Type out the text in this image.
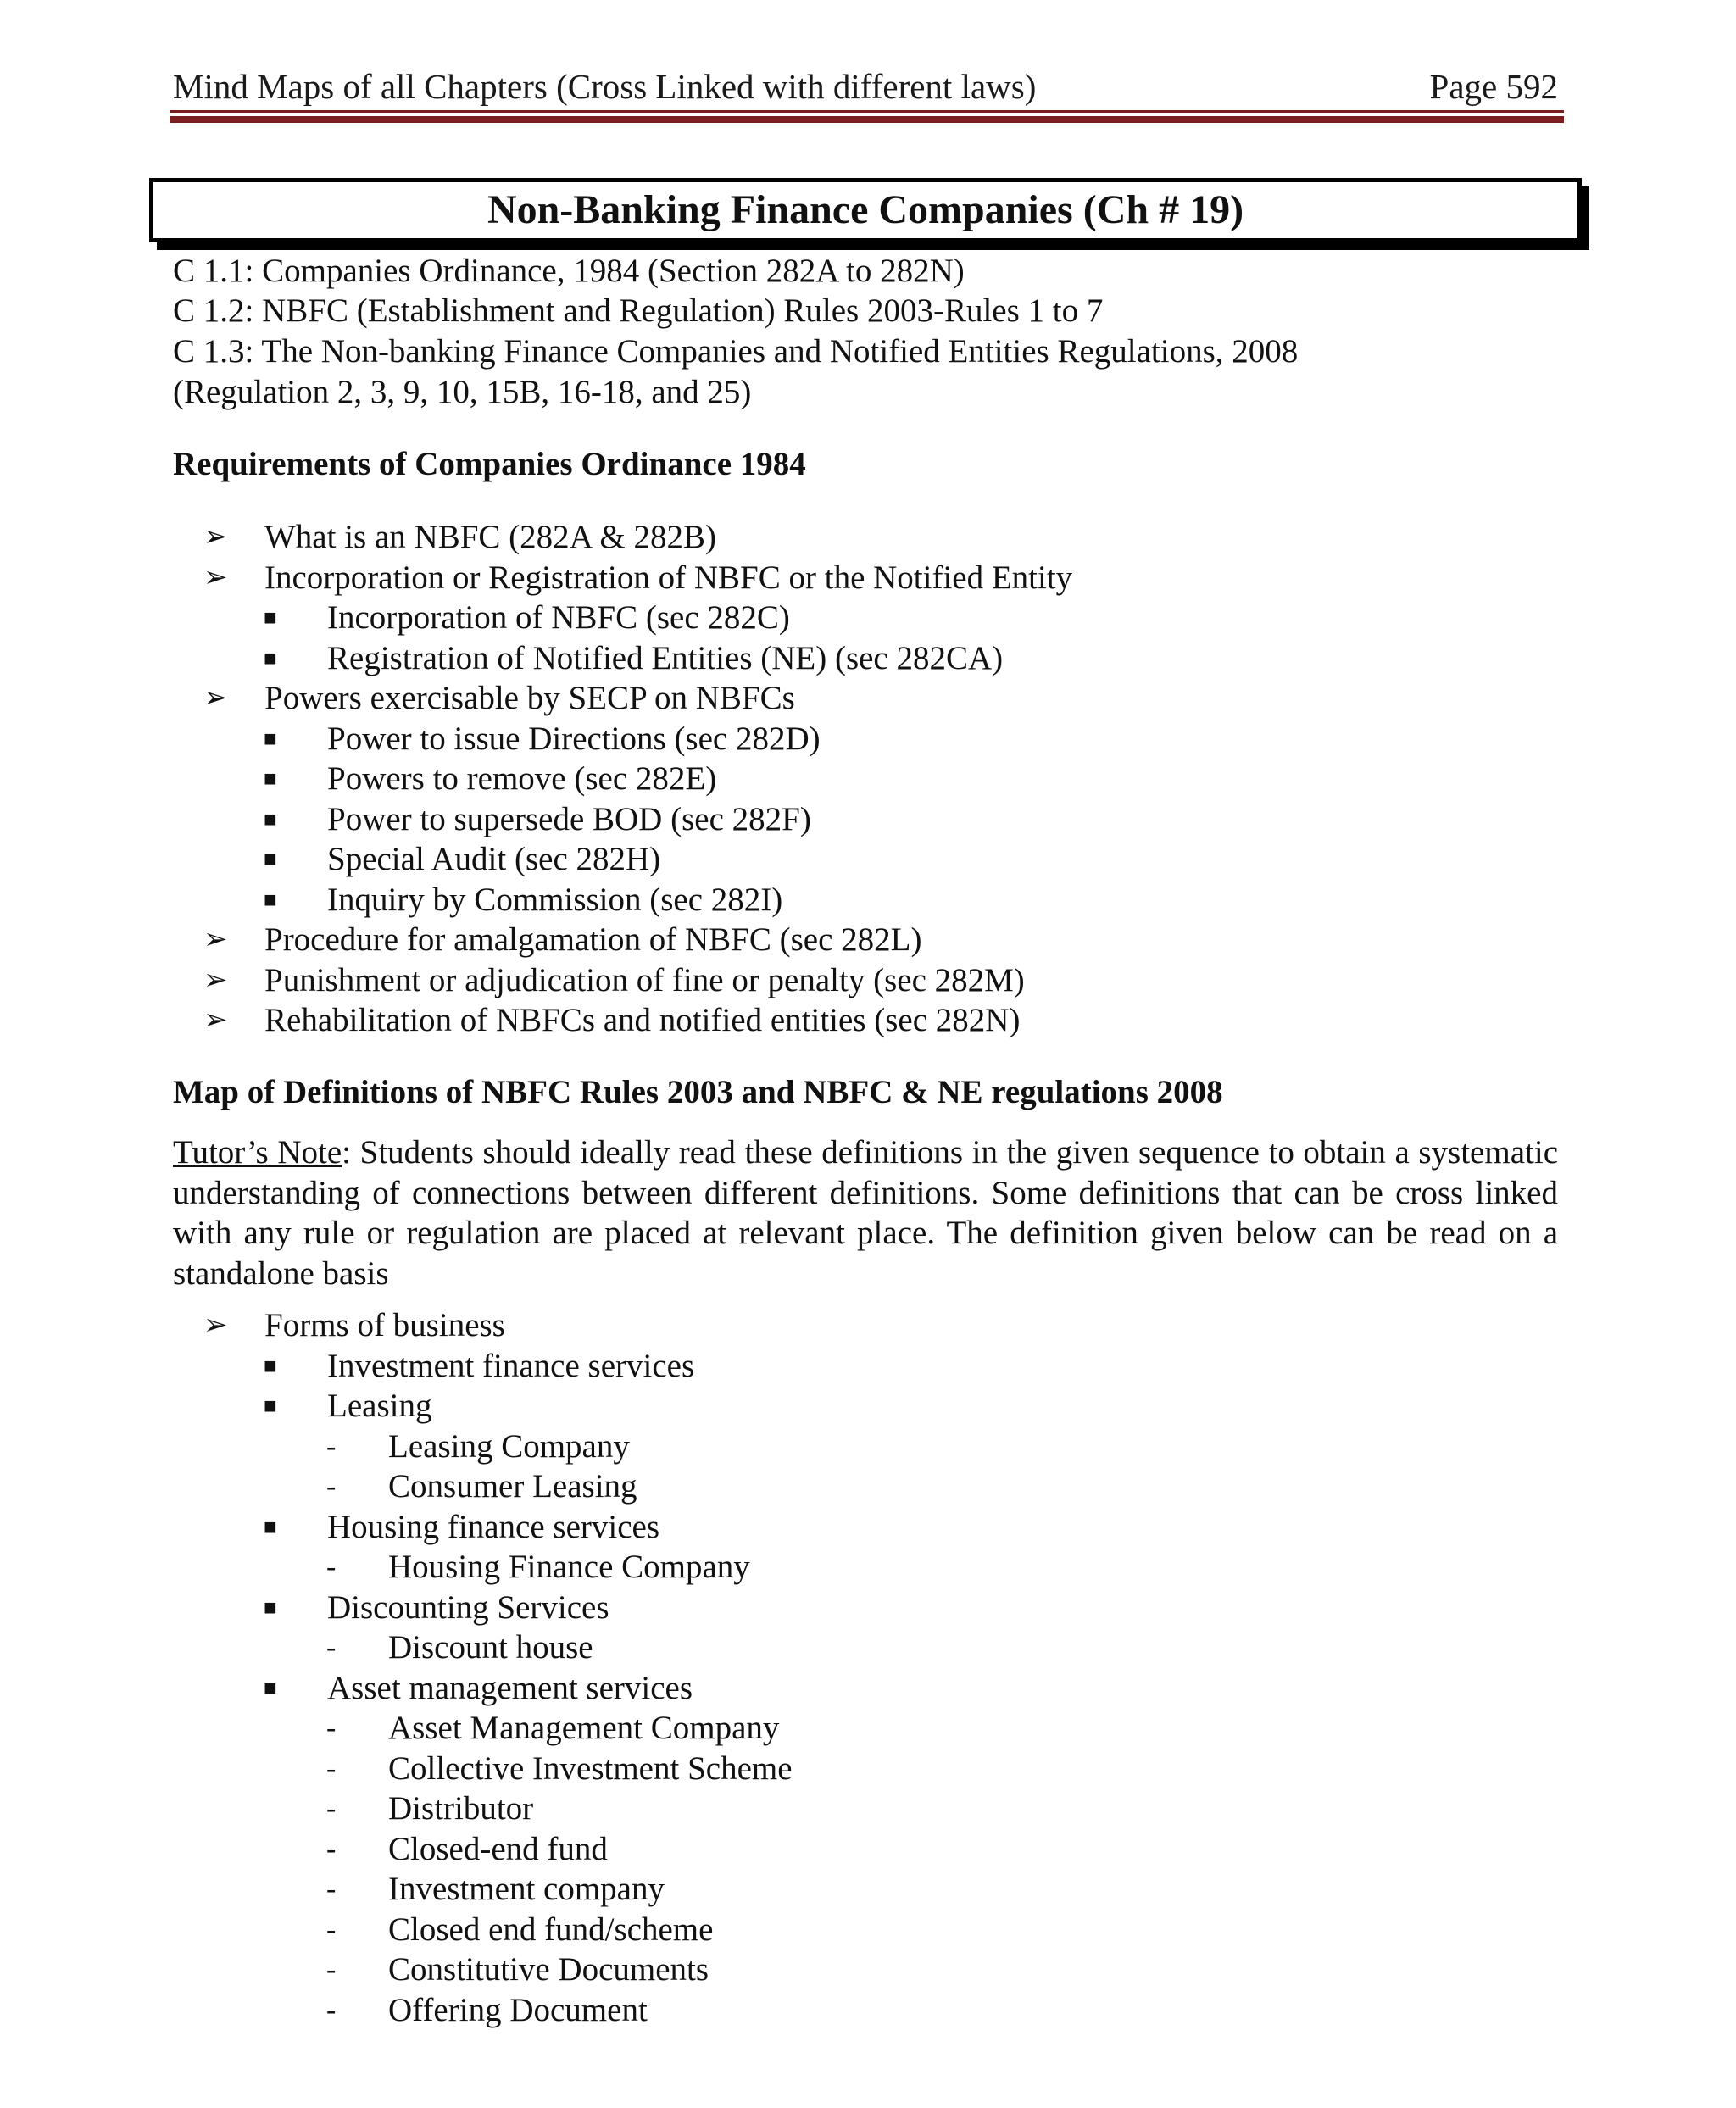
Mind Maps of all Chapters (Cross Linked with different laws)	Page 592
Non-Banking Finance Companies (Ch # 19)
C 1.1: Companies Ordinance, 1984 (Section 282A to 282N)
C 1.2: NBFC (Establishment and Regulation) Rules 2003-Rules 1 to 7
C 1.3: The Non-banking Finance Companies and Notified Entities Regulations, 2008
(Regulation 2, 3, 9, 10, 15B, 16-18, and 25)
Requirements of Companies Ordinance 1984
➢ What is an NBFC (282A & 282B)
➢ Incorporation or Registration of NBFC or the Notified Entity
■ Incorporation of NBFC (sec 282C)
■ Registration of Notified Entities (NE) (sec 282CA)
➢ Powers exercisable by SECP on NBFCs
■ Power to issue Directions (sec 282D)
■ Powers to remove (sec 282E)
■ Power to supersede BOD (sec 282F)
■ Special Audit (sec 282H)
■ Inquiry by Commission (sec 282I)
➢ Procedure for amalgamation of NBFC (sec 282L)
➢ Punishment or adjudication of fine or penalty (sec 282M)
➢ Rehabilitation of NBFCs and notified entities (sec 282N)
Map of Definitions of NBFC Rules 2003 and NBFC & NE regulations 2008
Tutor’s Note: Students should ideally read these definitions in the given sequence to obtain a systematic understanding of connections between different definitions. Some definitions that can be cross linked with any rule or regulation are placed at relevant place. The definition given below can be read on a standalone basis
➢ Forms of business
■ Investment finance services
■ Leasing
- Leasing Company
- Consumer Leasing
■ Housing finance services
- Housing Finance Company
■ Discounting Services
- Discount house
■ Asset management services
- Asset Management Company
- Collective Investment Scheme
- Distributor
- Closed-end fund
- Investment company
- Closed end fund/scheme
- Constitutive Documents
- Offering Document
